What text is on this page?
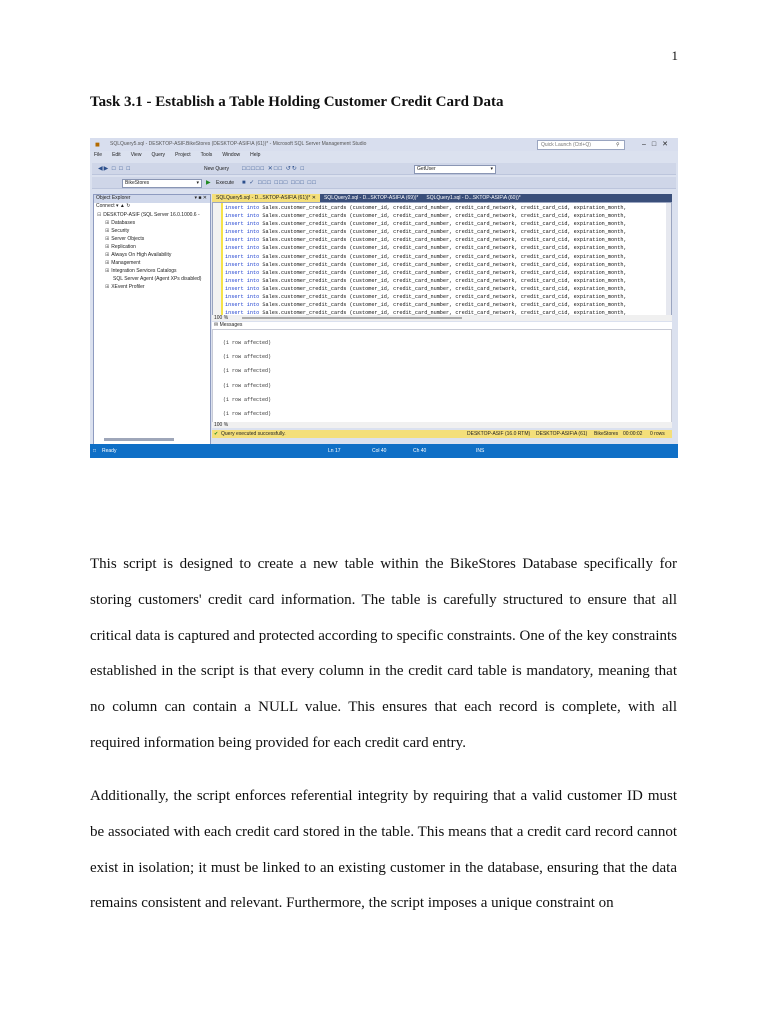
1
Task 3.1 - Establish a Table Holding Customer Credit Card Data
■ SQLQuery5.sql - DESKTOP-ASIF.BikeStores (DESKTOP-ASIF\A (61))* - Microsoft SQL Server Management Studio	Quick Launch (Ctrl+Q)	⚲	–□✕
File Edit View Query Project Tools Window Help
◀▶ □ □ □	New Query □□□□□ ✕□□ ↺↻ □	GetUser	▾
BikeStores	▾ ▶ Execute ■ ✓ □□□ □□□ □□□ □□
Object Explorer	▾ ■ ✕
Connect ▾ ▲ ↻
⊟ DESKTOP-ASIF (SQL Server 16.0.1000.6 -
⊞ Databases
⊞ Security
⊞ Server Objects
⊞ Replication
⊞ Always On High Availability
⊞ Management
⊞ Integration Services Catalogs
SQL Server Agent (Agent XPs disabled)
⊞ XEvent Profiler
SQLQuery5.sql - D...SKTOP-ASIF\A (61))* ✕	SQLQuery2.sql - D...SKTOP-ASIF\A (69))*	SQLQuery1.sql - D...SKTOP-ASIF\A (60))*
insert into Sales.customer_credit_cards (customer_id, credit_card_number, credit_card_network, credit_card_cid, expiration_month,
insert into Sales.customer_credit_cards (customer_id, credit_card_number, credit_card_network, credit_card_cid, expiration_month,
insert into Sales.customer_credit_cards (customer_id, credit_card_number, credit_card_network, credit_card_cid, expiration_month,
insert into Sales.customer_credit_cards (customer_id, credit_card_number, credit_card_network, credit_card_cid, expiration_month,
insert into Sales.customer_credit_cards (customer_id, credit_card_number, credit_card_network, credit_card_cid, expiration_month,
insert into Sales.customer_credit_cards (customer_id, credit_card_number, credit_card_network, credit_card_cid, expiration_month,
insert into Sales.customer_credit_cards (customer_id, credit_card_number, credit_card_network, credit_card_cid, expiration_month,
insert into Sales.customer_credit_cards (customer_id, credit_card_number, credit_card_network, credit_card_cid, expiration_month,
insert into Sales.customer_credit_cards (customer_id, credit_card_number, credit_card_network, credit_card_cid, expiration_month,
insert into Sales.customer_credit_cards (customer_id, credit_card_number, credit_card_network, credit_card_cid, expiration_month,
insert into Sales.customer_credit_cards (customer_id, credit_card_number, credit_card_network, credit_card_cid, expiration_month,
insert into Sales.customer_credit_cards (customer_id, credit_card_number, credit_card_network, credit_card_cid, expiration_month,
insert into Sales.customer_credit_cards (customer_id, credit_card_number, credit_card_network, credit_card_cid, expiration_month,
insert into Sales.customer_credit_cards (customer_id, credit_card_number, credit_card_network, credit_card_cid, expiration_month,
100 %
✉ Messages
(1 row affected)
(1 row affected)
(1 row affected)
(1 row affected)
(1 row affected)
(1 row affected)
100 %
✔ Query executed successfully.	DESKTOP-ASIF (16.0 RTM) DESKTOP-ASIF\A (61) BikeStores 00:00:02 0 rows
□ Ready	Ln 17	Col 40	Ch 40	INS

This script is designed to create a new table within the BikeStores Database specifically for storing customers' credit card information. The table is carefully structured to ensure that all critical data is captured and protected according to specific constraints. One of the key constraints established in the script is that every column in the credit card table is mandatory, meaning that no column can contain a NULL value. This ensures that each record is complete, with all required information being provided for each credit card entry.

Additionally, the script enforces referential integrity by requiring that a valid customer ID must be associated with each credit card stored in the table. This means that a credit card record cannot exist in isolation; it must be linked to an existing customer in the database, ensuring that the data remains consistent and relevant. Furthermore, the script imposes a unique constraint on
